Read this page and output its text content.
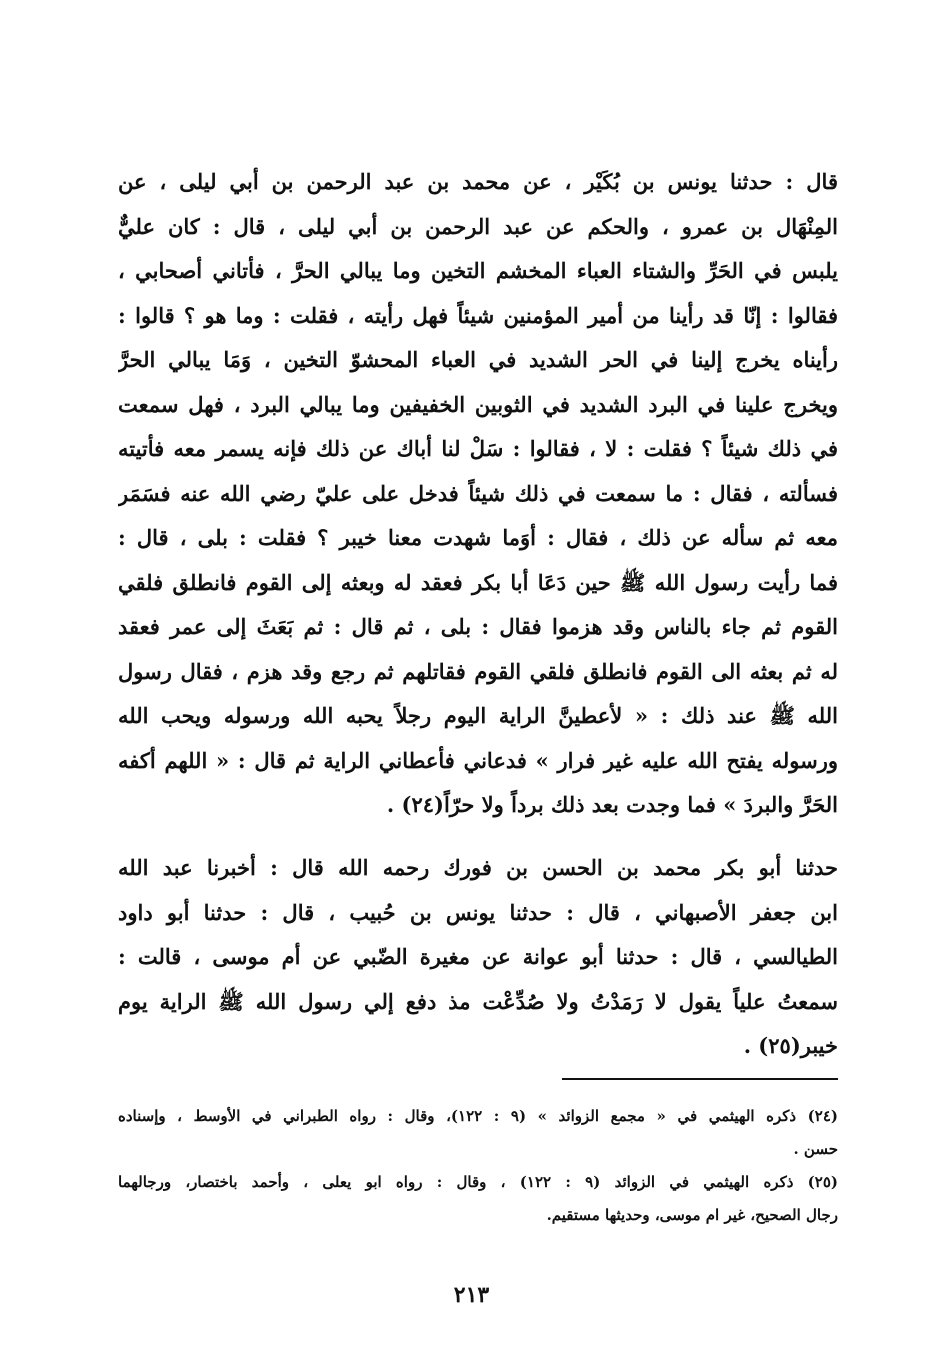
قال : حدثنا يونس بن بُكَيْر ، عن محمد بن عبد الرحمن بن أبي ليلى ، عن
المِنْهَال بن عمرو ، والحكم عن عبد الرحمن بن أبي ليلى ، قال : كان عليٌّ
يلبس في الحَرِّ والشتاء العباء المخشم التخين وما يبالي الحرَّ ، فأتاني أصحابي ،
فقالوا : إنّا قد رأينا من أمير المؤمنين شيئاً فهل رأيته ، فقلت : وما هو ؟ قالوا :
رأيناه يخرج إلينا في الحر الشديد في العباء المحشوّ التخين ، وَمَا يبالي الحرَّ
ويخرج علينا في البرد الشديد في الثوبين الخفيفين وما يبالي البرد ، فهل سمعت
في ذلك شيئاً ؟ فقلت : لا ، فقالوا : سَلْ لنا أباك عن ذلك فإنه يسمر معه فأتيته
فسألته ، فقال : ما سمعت في ذلك شيئاً فدخل على عليّ رضي الله عنه فسَمَر
معه ثم سأله عن ذلك ، فقال : أوَما شهدت معنا خيبر ؟ فقلت : بلى ، قال :
فما رأيت رسول الله ﷺ حين دَعَا أبا بكر فعقد له وبعثه إلى القوم فانطلق فلقي
القوم ثم جاء بالناس وقد هزموا فقال : بلى ، ثم قال : ثم بَعَثَ إلى عمر فعقد
له ثم بعثه الى القوم فانطلق فلقي القوم فقاتلهم ثم رجع وقد هزم ، فقال رسول
الله ﷺ عند ذلك : « لأعطينَّ الراية اليوم رجلاً يحبه الله ورسوله ويحب الله
ورسوله يفتح الله عليه غير فرار » فدعاني فأعطاني الراية ثم قال : « اللهم أكفه
الحَرَّ والبردَ » فما وجدت بعد ذلك برداً ولا حرّاً(٢٤) .
حدثنا أبو بكر محمد بن الحسن بن فورك رحمه الله قال : أخبرنا عبد الله
ابن جعفر الأصبهاني ، قال : حدثنا يونس بن حُبيب ، قال : حدثنا أبو داود
الطيالسي ، قال : حدثنا أبو عوانة عن مغيرة الضّبي عن أم موسى ، قالت :
سمعتُ علياً يقول لا رَمَدْتُ ولا صُدِّعْت مذ دفع إلي رسول الله ﷺ الراية يوم
خيبر(٢٥) .
(٢٤) ذكره الهيثمي في « مجمع الزوائد » (٩ : ١٢٢)، وقال : رواه الطبراني في الأوسط ، وإسناده
حسن .
(٢٥) ذكره الهيثمي في الزوائد (٩ : ١٢٢) ، وقال : رواه ابو يعلى ، وأحمد باختصار، ورجالهما
رجال الصحيح، غير ام موسى، وحديثها مستقيم.
٢١٣
